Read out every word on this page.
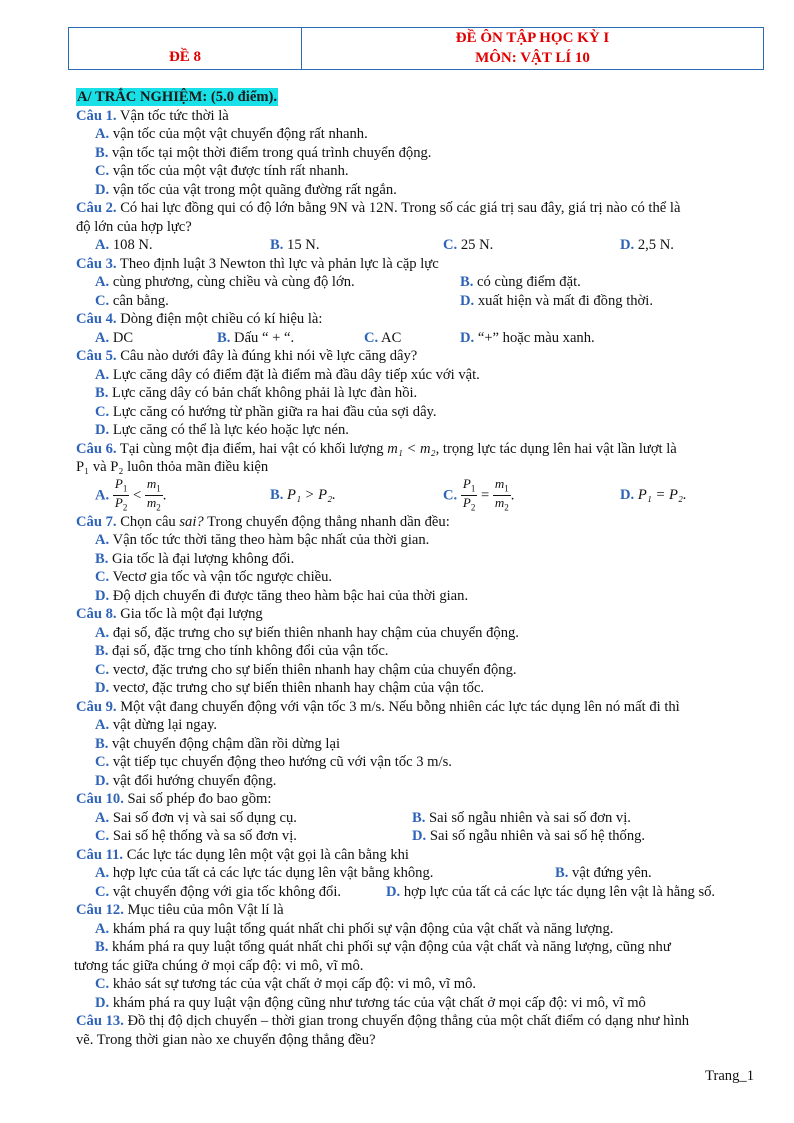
ĐỀ 8
ĐỀ ÔN TẬP HỌC KỲ I
MÔN: VẬT LÍ 10
A/ TRẮC NGHIỆM: (5.0 điểm).
Câu 1. Vận tốc tức thời là
A. vận tốc của một vật chuyển động rất nhanh.
B. vận tốc tại một thời điểm trong quá trình chuyển động.
C. vận tốc của một vật được tính rất nhanh.
D. vận tốc của vật trong một quãng đường rất ngắn.
Câu 2. Có hai lực đồng qui có độ lớn bằng 9N và 12N. Trong số các giá trị sau đây, giá trị nào có thể là
độ lớn của hợp lực?
A. 108 N.	B. 15 N.	C. 25 N.	D. 2,5 N.
Câu 3. Theo định luật 3 Newton thì lực và phản lực là cặp lực
A. cùng phương, cùng chiều và cùng độ lớn.	B. có cùng điểm đặt.
C. cân bằng.	D. xuất hiện và mất đi đồng thời.
Câu 4. Dòng điện một chiều có kí hiệu là:
A. DC	B. Dấu “ + “.	C. AC	D. “+” hoặc màu xanh.
Câu 5. Câu nào dưới đây là đúng khi nói về lực căng dây?
A. Lực căng dây có điểm đặt là điểm mà đầu dây tiếp xúc với vật.
B. Lực căng dây có bản chất không phải là lực đàn hồi.
C. Lực căng có hướng từ phần giữa ra hai đầu của sợi dây.
D. Lực căng có thể là lực kéo hoặc lực nén.
Câu 6. Tại cùng một địa điểm, hai vật có khối lượng m₁ < m₂, trọng lực tác dụng lên hai vật lần lượt là
P₁ và P₂ luôn thỏa mãn điều kiện
A. $\frac{P_1}{P_2} < \frac{m_1}{m_2}$ .	B. P₁ > P₂.	C. $\frac{P_1}{P_2} = \frac{m_1}{m_2}$ .	D. P₁ = P₂.
Câu 7. Chọn câu sai? Trong chuyển động thẳng nhanh dần đều:
A. Vận tốc tức thời tăng theo hàm bậc nhất của thời gian.
B. Gia tốc là đại lượng không đổi.
C. Vectơ gia tốc và vận tốc ngược chiều.
D. Độ dịch chuyển đi được tăng theo hàm bậc hai của thời gian.
Câu 8. Gia tốc là một đại lượng
A. đại số, đặc trưng cho sự biến thiên nhanh hay chậm của chuyển động.
B. đại số, đặc trng cho tính không đổi của vận tốc.
C. vectơ, đặc trưng cho sự biến thiên nhanh hay chậm của chuyển động.
D. vectơ, đặc trưng cho sự biến thiên nhanh hay chậm của vận tốc.
Câu 9. Một vật đang chuyển động với vận tốc 3 m/s. Nếu bỗng nhiên các lực tác dụng lên nó mất đi thì
A. vật dừng lại ngay.
B. vật chuyển động chậm dần rồi dừng lại
C. vật tiếp tục chuyển động theo hướng cũ với vận tốc 3 m/s.
D. vật đổi hướng chuyển động.
Câu 10. Sai số phép đo bao gồm:
A. Sai số đơn vị và sai số dụng cụ.	B. Sai số ngẫu nhiên và sai số đơn vị.
C. Sai số hệ thống và sa số đơn vị.	D. Sai số ngẫu nhiên và sai số hệ thống.
Câu 11. Các lực tác dụng lên một vật gọi là cân bằng khi
A. hợp lực của tất cả các lực tác dụng lên vật bằng không.	B. vật đứng yên.
C. vật chuyển động với gia tốc không đổi.	D. hợp lực của tất cả các lực tác dụng lên vật là hằng số.
Câu 12. Mục tiêu của môn Vật lí là
A. khám phá ra quy luật tổng quát nhất chi phối sự vận động của vật chất và năng lượng.
B. khám phá ra quy luật tổng quát nhất chi phối sự vận động của vật chất và năng lượng, cũng như
tương tác giữa chúng ở mọi cấp độ: vi mô, vĩ mô.
C. khảo sát sự tương tác của vật chất ở mọi cấp độ: vi mô, vĩ mô.
D. khám phá ra quy luật vận động cũng như tương tác của vật chất ở mọi cấp độ: vi mô, vĩ mô
Câu 13. Đồ thị độ dịch chuyển – thời gian trong chuyển động thẳng của một chất điểm có dạng như hình
vẽ. Trong thời gian nào xe chuyển động thẳng đều?
Trang_1
